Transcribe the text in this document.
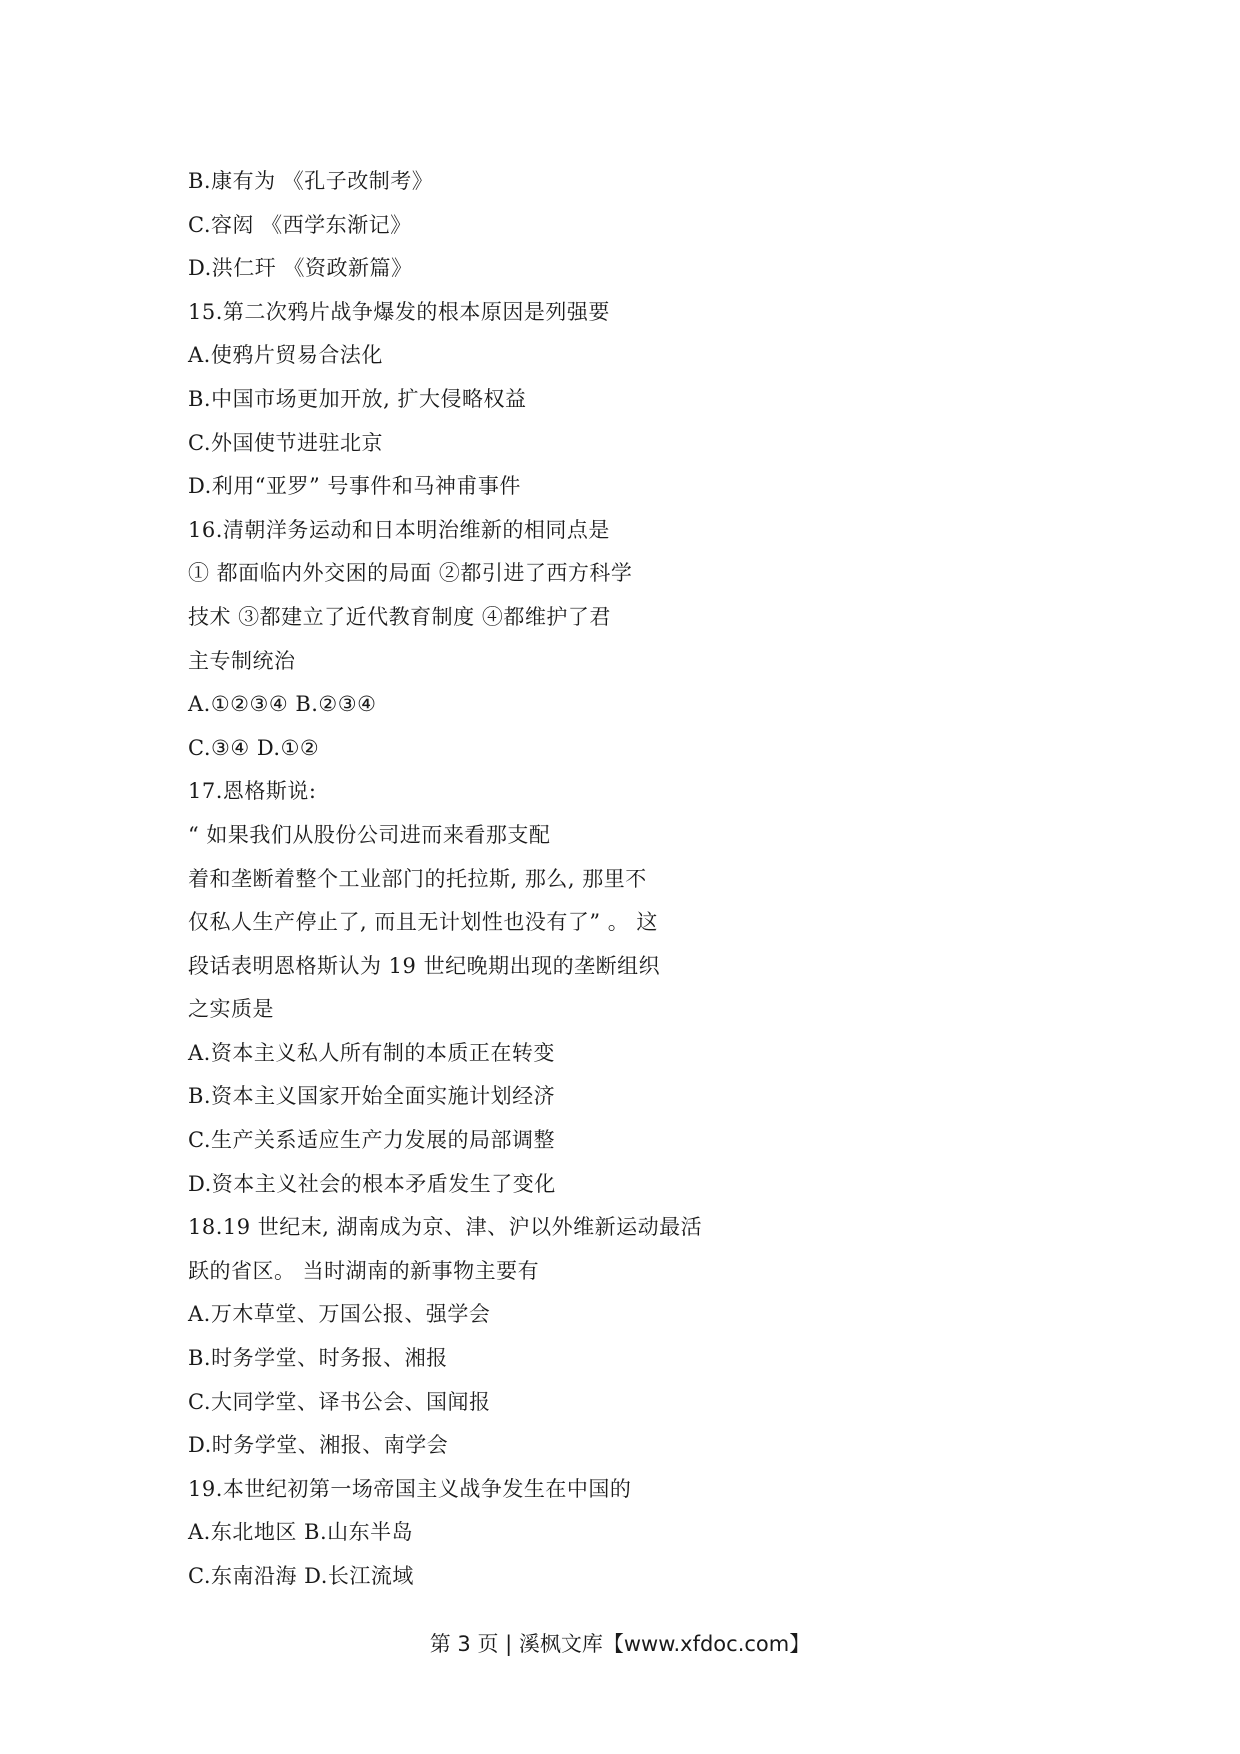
B.康有为 《孔子改制考》
C.容闳 《西学东渐记》
D.洪仁玕 《资政新篇》
15.第二次鸦片战争爆发的根本原因是列强要
A.使鸦片贸易合法化
B.中国市场更加开放, 扩大侵略权益
C.外国使节进驻北京
D.利用“亚罗” 号事件和马神甫事件
16.清朝洋务运动和日本明治维新的相同点是
① 都面临内外交困的局面 ②都引进了西方科学
技术 ③都建立了近代教育制度 ④都维护了君
主专制统治
A.①②③④ B.②③④
C.③④ D.①②
17.恩格斯说:
“ 如果我们从股份公司进而来看那支配
着和垄断着整个工业部门的托拉斯, 那么, 那里不
仅私人生产停止了, 而且无计划性也没有了” 。 这
段话表明恩格斯认为 19 世纪晚期出现的垄断组织
之实质是
A.资本主义私人所有制的本质正在转变
B.资本主义国家开始全面实施计划经济
C.生产关系适应生产力发展的局部调整
D.资本主义社会的根本矛盾发生了变化
18.19 世纪末, 湖南成为京、津、沪以外维新运动最活
跃的省区。 当时湖南的新事物主要有
A.万木草堂、万国公报、强学会
B.时务学堂、时务报、湘报
C.大同学堂、译书公会、国闻报
D.时务学堂、湘报、南学会
19.本世纪初第一场帝国主义战争发生在中国的
A.东北地区 B.山东半岛
C.东南沿海 D.长江流域
第 3 页 | 溪枫文库【www.xfdoc.com】
